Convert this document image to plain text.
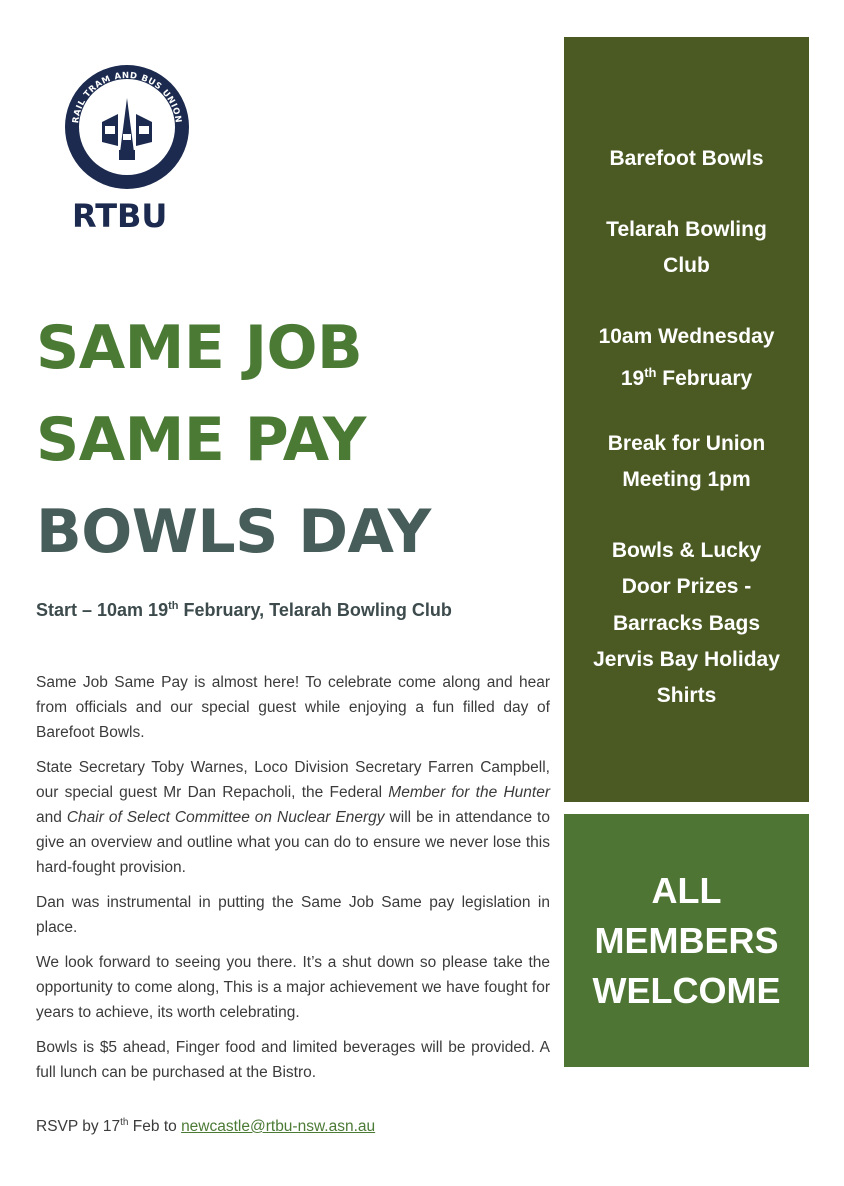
RAIL TRAM AND BUS UNION
EST. 1861
RTBU
SAME JOB
SAME PAY
BOWLS DAY
Start – 10am 19th February, Telarah Bowling Club

Same Job Same Pay is almost here! To celebrate come along and hear from officials and our special guest while enjoying a fun filled day of Barefoot Bowls.

State Secretary Toby Warnes, Loco Division Secretary Farren Campbell, our special guest Mr Dan Repacholi, the Federal Member for the Hunter and Chair of Select Committee on Nuclear Energy will be in attendance to give an overview and outline what you can do to ensure we never lose this hard-fought provision.

Dan was instrumental in putting the Same Job Same pay legislation in place.

We look forward to seeing you there. It’s a shut down so please take the opportunity to come along, This is a major achievement we have fought for years to achieve, its worth celebrating.

Bowls is $5 ahead, Finger food and limited beverages will be provided. A full lunch can be purchased at the Bistro.

RSVP by 17th Feb to newcastle@rtbu-nsw.asn.au
Barefoot Bowls
Telarah Bowling Club
10am Wednesday
19th February
Break for Union Meeting 1pm
Bowls & Lucky Door Prizes -
Barracks Bags
Jervis Bay Holiday
Shirts
ALL
MEMBERS
WELCOME
